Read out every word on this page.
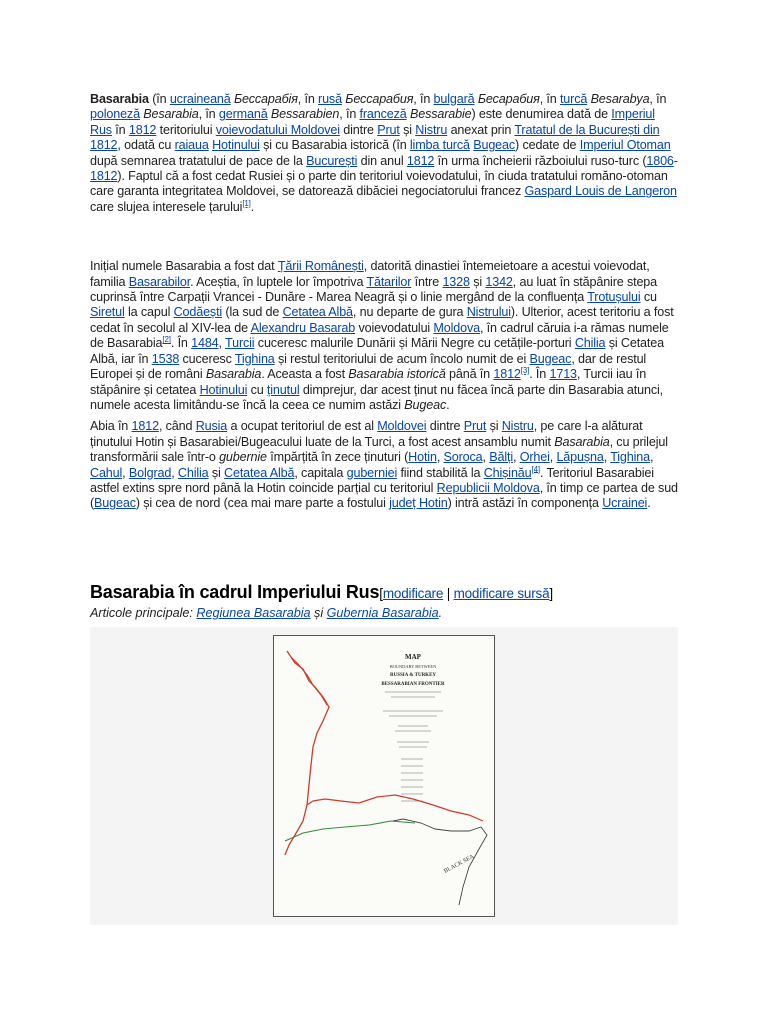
Basarabia (în ucraineană Бессарабія, în rusă Бессарабия, în bulgară Бесарабия, în turcă Besarabya, în poloneză Besarabia, în germană Bessarabien, în franceză Bessarabie) este denumirea dată de Imperiul Rus în 1812 teritoriului voievodatului Moldovei dintre Prut și Nistru anexat prin Tratatul de la București din 1812, odată cu raiaua Hotinului și cu Basarabia istorică (în limba turcă Bugeac) cedate de Imperiul Otoman după semnarea tratatului de pace de la București din anul 1812 în urma încheierii războiului ruso-turc (1806-1812). Faptul că a fost cedat Rusiei și o parte din teritoriul voievodatului, în ciuda tratatului romăno-otoman care garanta integritatea Moldovei, se datorează dibăciei negociatorului francez Gaspard Louis de Langeron care slujea interesele țarului[1].

Inițial numele Basarabia a fost dat Țării Românești, datorită dinastiei întemeietoare a acestui voievodat, familia Basarabilor. Aceștia, în luptele lor împotriva Tătarilor între 1328 și 1342, au luat în stăpânire stepa cuprinsă între Carpații Vrancei - Dunăre - Marea Neagră și o linie mergând de la confluența Trotușului cu Siretul la capul Codăești (la sud de Cetatea Albă, nu departe de gura Nistrului). Ulterior, acest teritoriu a fost cedat în secolul al XIV-lea de Alexandru Basarab voievodatului Moldova, în cadrul căruia i-a rămas numele de Basarabia[2]. În 1484, Turcii cuceresc malurile Dunării și Mării Negre cu cetățile-porturi Chilia și Cetatea Albă, iar în 1538 cuceresc Tighina și restul teritoriului de acum încolo numit de ei Bugeac, dar de restul Europei și de români Basarabia. Aceasta a fost Basarabia istorică până în 1812[3]. În 1713, Turcii iau în stăpânire și cetatea Hotinului cu ținutul dimprejur, dar acest ținut nu făcea încă parte din Basarabia atunci, numele acesta limitându-se încă la ceea ce numim astăzi Bugeac.

Abia în 1812, când Rusia a ocupat teritoriul de est al Moldovei dintre Prut și Nistru, pe care l-a alăturat ținutului Hotin și Basarabiei/Bugeacului luate de la Turci, a fost acest ansamblu numit Basarabia, cu prilejul transformării sale într-o gubernie împărțită în zece ținuturi (Hotin, Soroca, Bălți, Orhei, Lăpușna, Tighina, Cahul, Bolgrad, Chilia și Cetatea Albă, capitala guberniei fiind stabilită la Chișinău[4]. Teritoriul Basarabiei astfel extins spre nord până la Hotin coincide parțial cu teritoriul Republicii Moldova, în timp ce partea de sud (Bugeac) și cea de nord (cea mai mare parte a fostului județ Hotin) intră astăzi în componența Ucrainei.

Basarabia în cadrul Imperiului Rus[modificare | modificare sursă]
Articole principale: Regiunea Basarabia și Gubernia Basarabia.
MAP
BOUNDARY BETWEEN
RUSSIA & TURKEY
BESSARABIAN FRONTIER
BLACK SEA
